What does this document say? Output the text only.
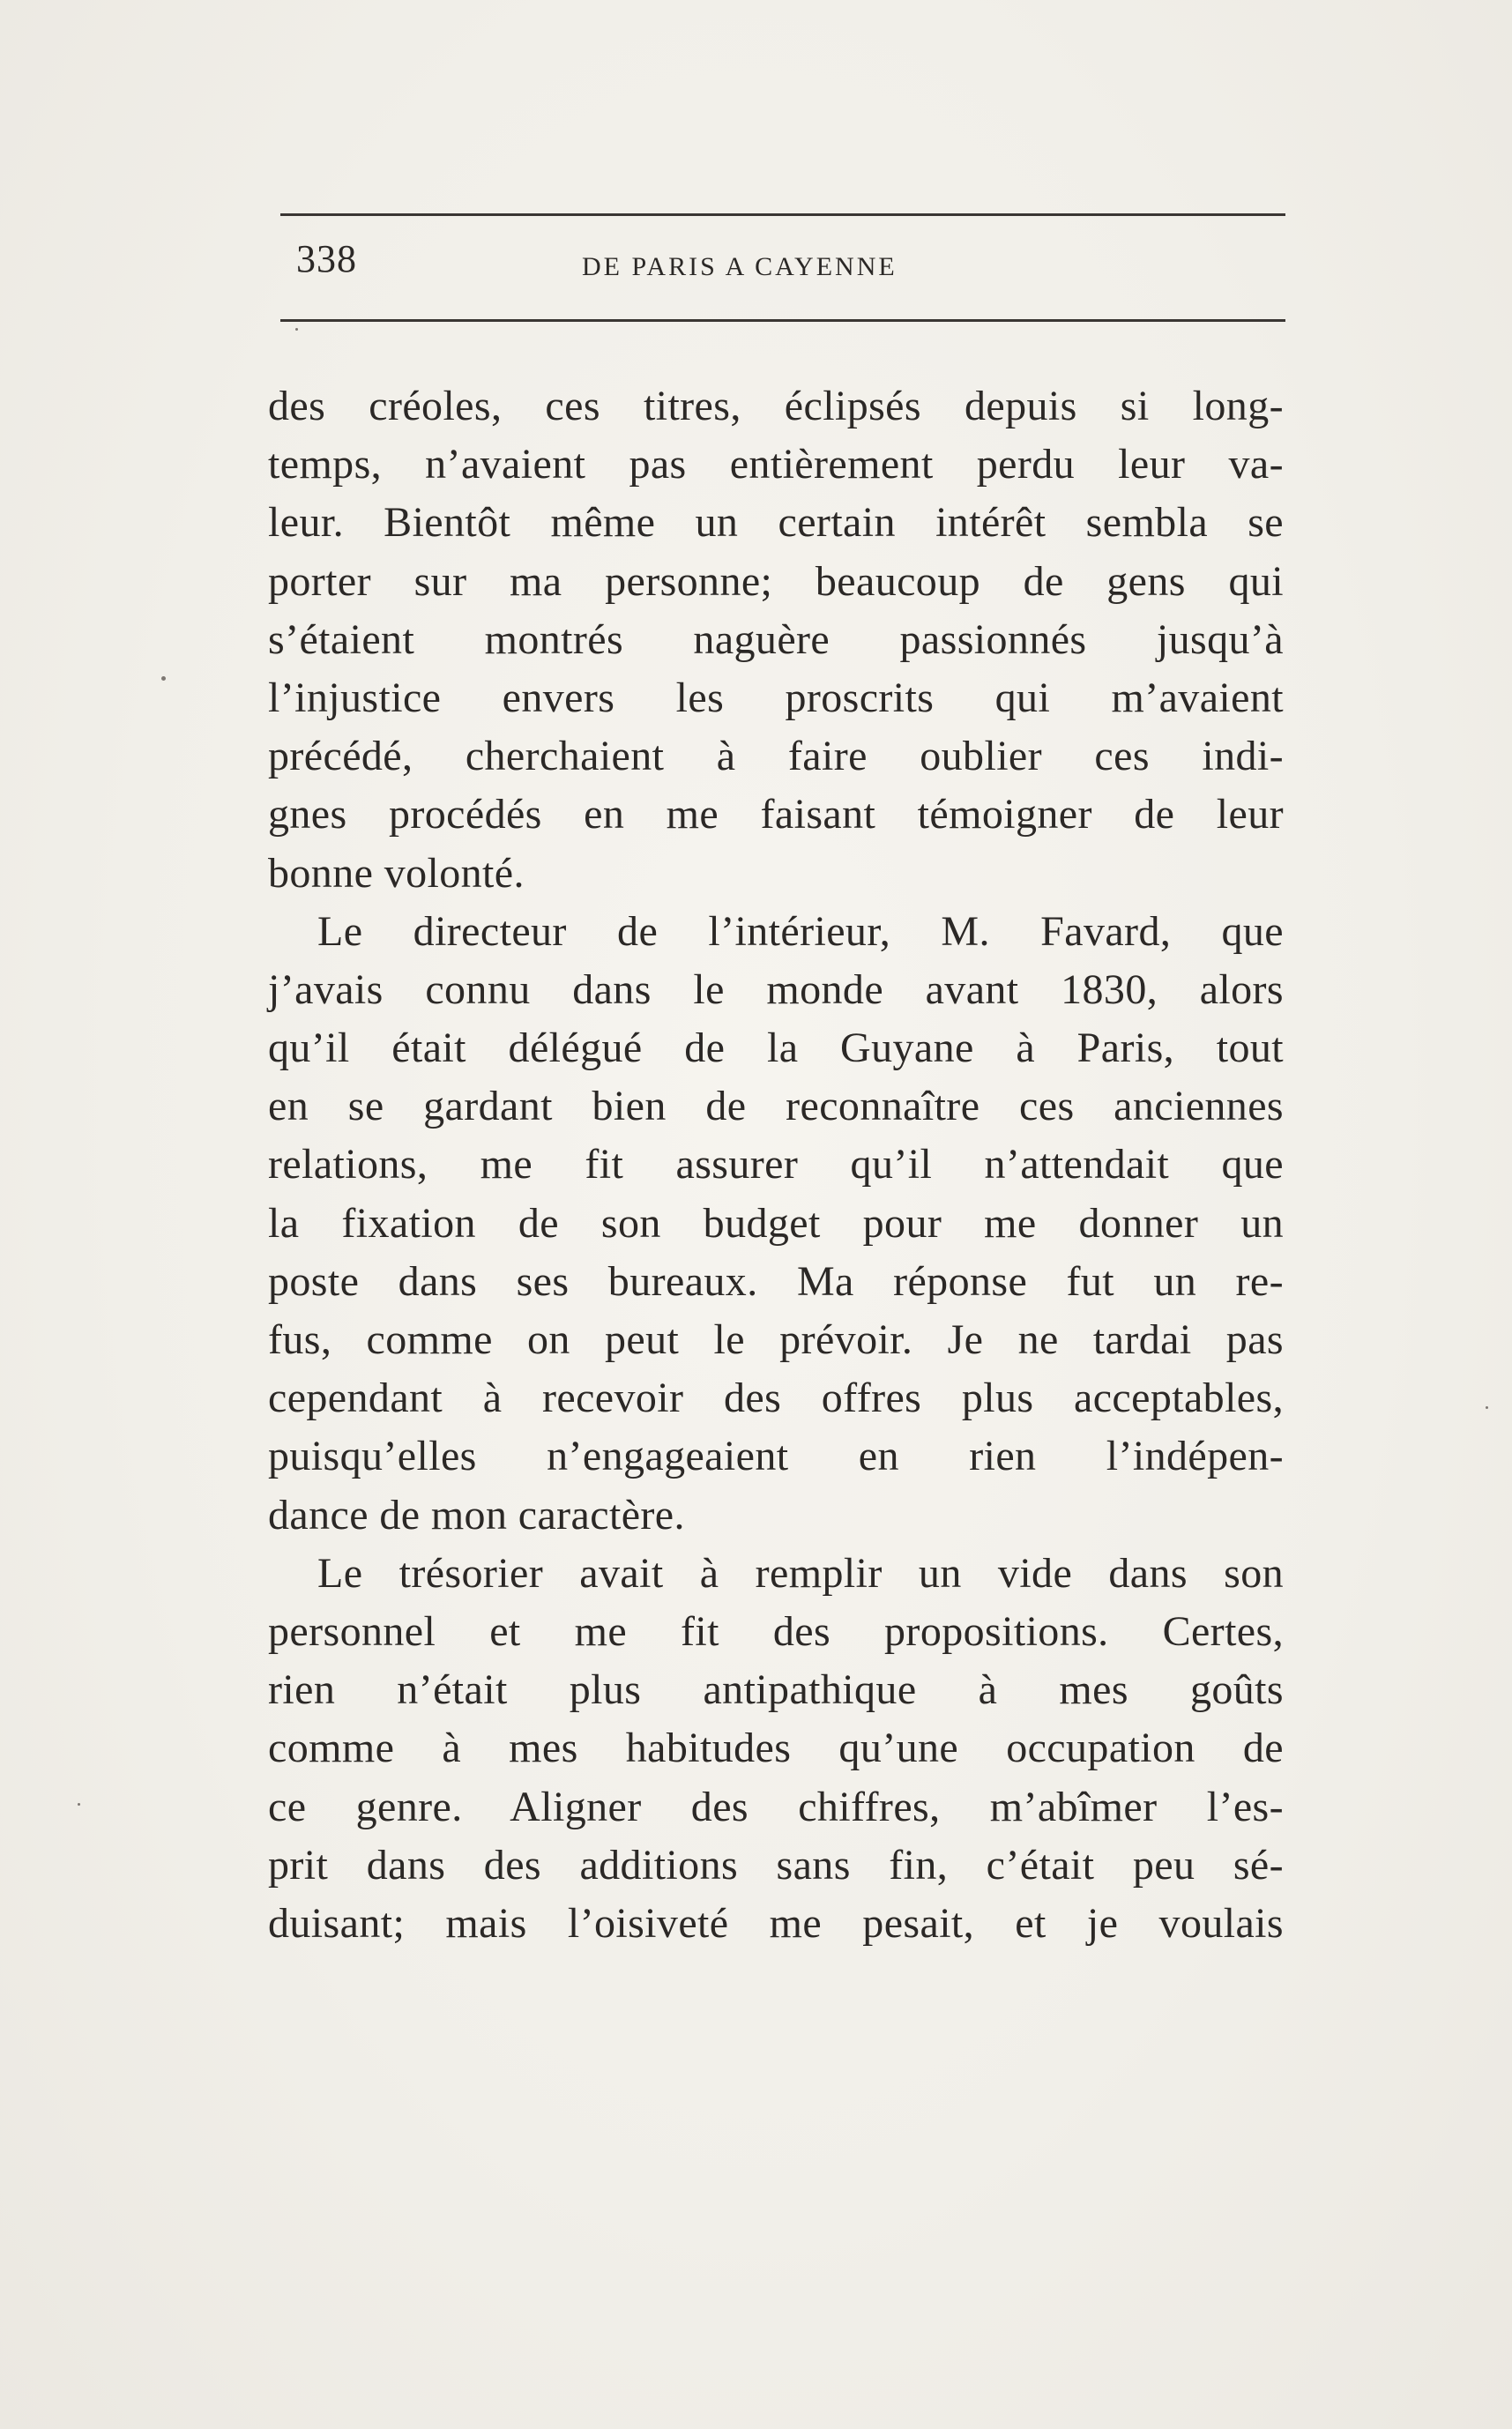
338	DE PARIS A CAYENNE
des créoles, ces titres, éclipsés depuis si long-
temps, n’avaient pas entièrement perdu leur va-
leur. Bientôt même un certain intérêt sembla se
porter sur ma personne; beaucoup de gens qui
s’étaient montrés naguère passionnés jusqu’à
l’injustice envers les proscrits qui m’avaient
précédé, cherchaient à faire oublier ces indi-
gnes procédés en me faisant témoigner de leur
bonne volonté.
Le directeur de l’intérieur, M. Favard, que
j’avais connu dans le monde avant 1830, alors
qu’il était délégué de la Guyane à Paris, tout
en se gardant bien de reconnaître ces anciennes
relations, me fit assurer qu’il n’attendait que
la fixation de son budget pour me donner un
poste dans ses bureaux. Ma réponse fut un re-
fus, comme on peut le prévoir. Je ne tardai pas
cependant à recevoir des offres plus acceptables,
puisqu’elles n’engageaient en rien l’indépen-
dance de mon caractère.
Le trésorier avait à remplir un vide dans son
personnel et me fit des propositions. Certes,
rien n’était plus antipathique à mes goûts
comme à mes habitudes qu’une occupation de
ce genre. Aligner des chiffres, m’abîmer l’es-
prit dans des additions sans fin, c’était peu sé-
duisant; mais l’oisiveté me pesait, et je voulais
